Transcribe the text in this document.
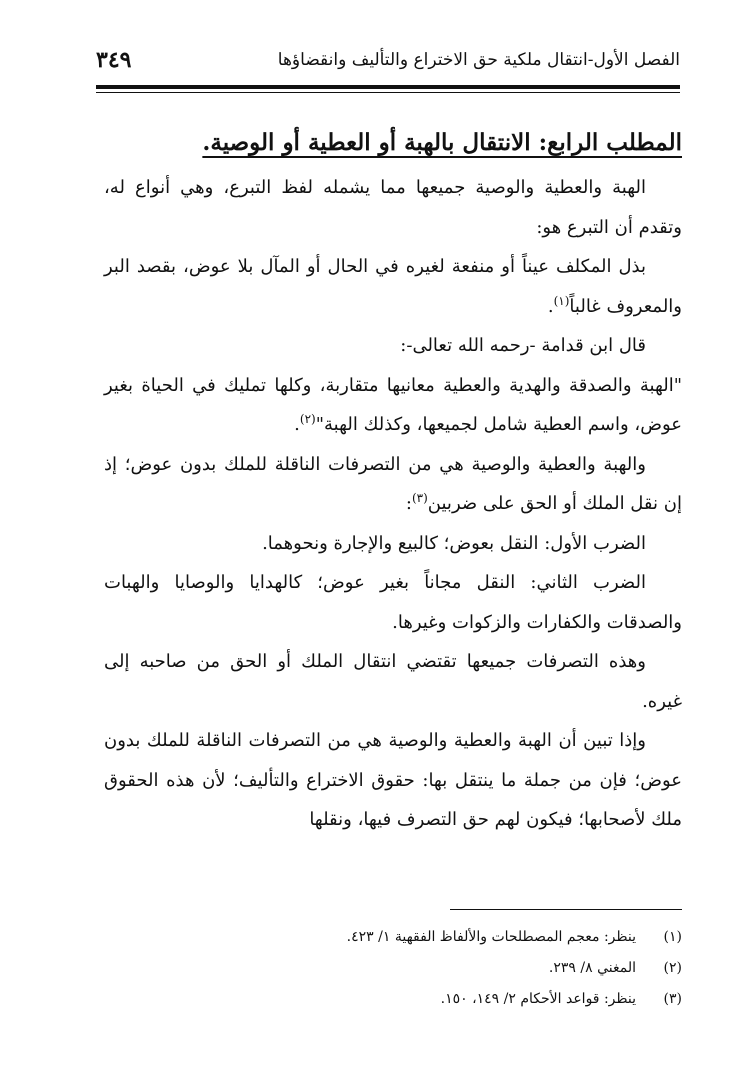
الفصل الأول-انتقال ملكية حق الاختراع والتأليف وانقضاؤها
٣٤٩
المطلب الرابع: الانتقال بالهبة أو العطية أو الوصية.

الهبة والعطية والوصية جميعها مما يشمله لفظ التبرع، وهي أنواع له، وتقدم أن التبرع هو:

بذل المكلف عيناً أو منفعة لغيره في الحال أو المآل بلا عوض، بقصد البر والمعروف غالباً$^{(١)}$.

قال ابن قدامة -رحمه الله تعالى-:

"الهبة والصدقة والهدية والعطية معانيها متقاربة، وكلها تمليك في الحياة بغير عوض، واسم العطية شامل لجميعها، وكذلك الهبة"$^{(٢)}$.

والهبة والعطية والوصية هي من التصرفات الناقلة للملك بدون عوض؛ إذ إن نقل الملك أو الحق على ضربين$^{(٣)}$:

الضرب الأول: النقل بعوض؛ كالبيع والإجارة ونحوهما.

الضرب الثاني: النقل مجاناً بغير عوض؛ كالهدايا والوصايا والهبات والصدقات والكفارات والزكوات وغيرها.

وهذه التصرفات جميعها تقتضي انتقال الملك أو الحق من صاحبه إلى غيره.

وإذا تبين أن الهبة والعطية والوصية هي من التصرفات الناقلة للملك بدون عوض؛ فإن من جملة ما ينتقل بها: حقوق الاختراع والتأليف؛ لأن هذه الحقوق ملك لأصحابها؛ فيكون لهم حق التصرف فيها، ونقلها

(١)
ينظر: معجم المصطلحات والألفاظ الفقهية ١/ ٤٢٣.
(٢)
المغني ٨/ ٢٣٩.
(٣)
ينظر: قواعد الأحكام ٢/ ١٤٩، ١٥٠.
